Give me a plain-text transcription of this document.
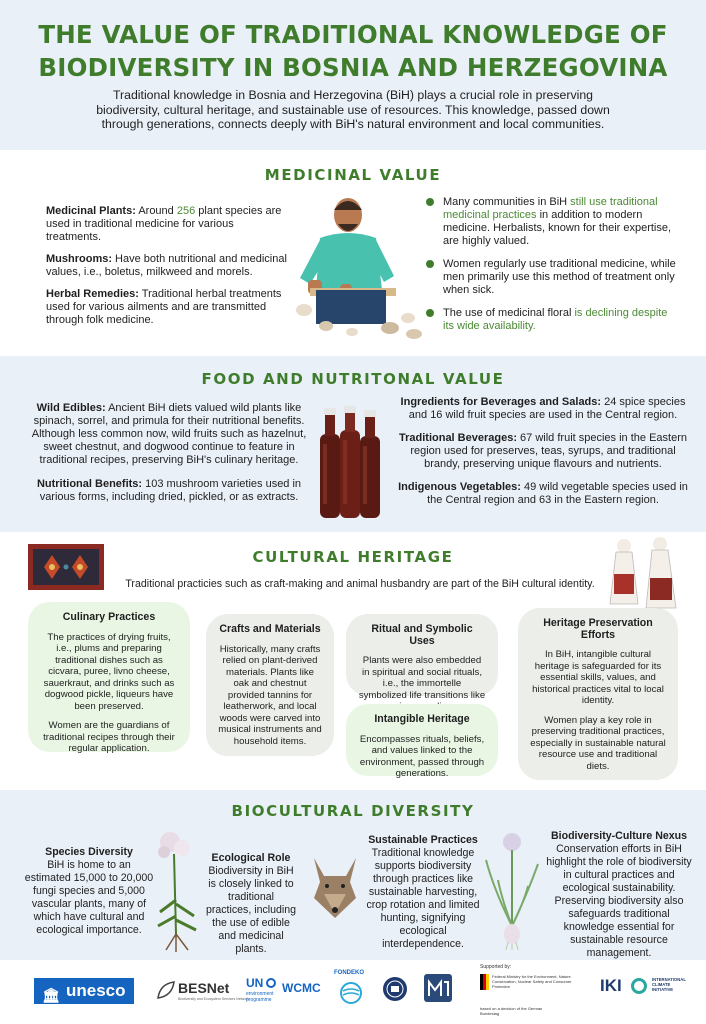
THE VALUE OF TRADITIONAL KNOWLEDGE OF
BIODIVERSITY IN BOSNIA AND HERZEGOVINA

Traditional knowledge in Bosnia and Herzegovina (BiH) plays a crucial role in preserving biodiversity, cultural heritage, and sustainable use of resources. This knowledge, passed down through generations, connects deeply with BiH's natural environment and local communities.

MEDICINAL VALUE

Medicinal Plants: Around 256 plant species are used in traditional medicine for various treatments.

Mushrooms: Have both nutritional and medicinal values, i.e., boletus, milkweed and morels.

Herbal Remedies: Traditional herbal treatments used for various ailments and are transmitted through folk medicine.

Many communities in BiH still use traditional medicinal practices in addition to modern medicine. Herbalists, known for their expertise, are highly valued.
Women regularly use traditional medicine, while men primarily use this method of treatment only when sick.
The use of medicinal floral is declining despite its wide availability.
FOOD AND NUTRITONAL VALUE

Wild Edibles: Ancient BiH diets valued wild plants like spinach, sorrel, and primula for their nutritional benefits. Although less common now, wild fruits such as hazelnut, sweet chestnut, and dogwood continue to feature in traditional recipes, preserving BiH's culinary heritage.

Nutritional Benefits: 103 mushroom varieties used in various forms, including dried, pickled, or as extracts.

Ingredients for Beverages and Salads: 24 spice species and 16 wild fruit species are used in the Central region.

Traditional Beverages: 67 wild fruit species in the Eastern region used for preserves, teas, syrups, and traditional brandy, preserving unique flavours and nutrients.

Indigenous Vegetables: 49 wild vegetable species used in the Central region and 63 in the Eastern region.

CULTURAL HERITAGE
Traditional practicies such as craft-making and animal husbandry are part of the BiH cultural identity.
Culinary Practices

The practices of drying fruits, i.e., plums and preparing traditional dishes such as cicvara, puree, livno cheese, sauerkraut, and drinks such as dogwood pickle, liqueurs have been preserved.

Women are the guardians of traditional recipes through their regular application.

Crafts and Materials

Historically, many crafts relied on plant-derived materials. Plants like oak and chestnut provided tannins for leatherwork, and local woods were carved into musical instruments and household items.

Ritual and Symbolic Uses

Plants were also embedded in spiritual and social rituals, i.e., the immortelle symbolized life transitions like

Intangible Heritage

Encompasses rituals, beliefs, and values linked to the environment, passed through generations.

Heritage Preservation Efforts

In BiH, intangible cultural heritage is safeguarded for its essential skills, values, and historical practices vital to local identity.

Women play a key role in preserving traditional practices, especially in sustainable natural resource use and traditional diets.

BIOCULTURAL DIVERSITY
Species Diversity
BiH is home to an estimated 15,000 to 20,000 fungi species and 5,000 vascular plants, many of which have cultural and ecological importance.
Ecological Role
Biodiversity in BiH is closely linked to traditional practices, including the use of edible and medicinal plants.
Sustainable Practices
Traditional knowledge supports biodiversity through practices like sustainable harvesting, crop rotation and limited hunting, signifying ecological interdependence.
Biodiversity-Culture Nexus
Conservation efforts in BiH highlight the role of biodiversity in cultural practices and ecological sustainability. Preserving biodiversity also safeguards traditional knowledge essential for sustainable resource management.
🏛 unesco	BESNet
Biodiversity and Ecosystem Services Network
UN
environment programme
WCMC
FONDEKO
Supported by:
Federal Ministry for the Environment, Nature Conservation, Nuclear Safety and Consumer Protection
based on a decision of the German Bundestag
IKI	INTERNATIONAL CLIMATE INITIATIVE
